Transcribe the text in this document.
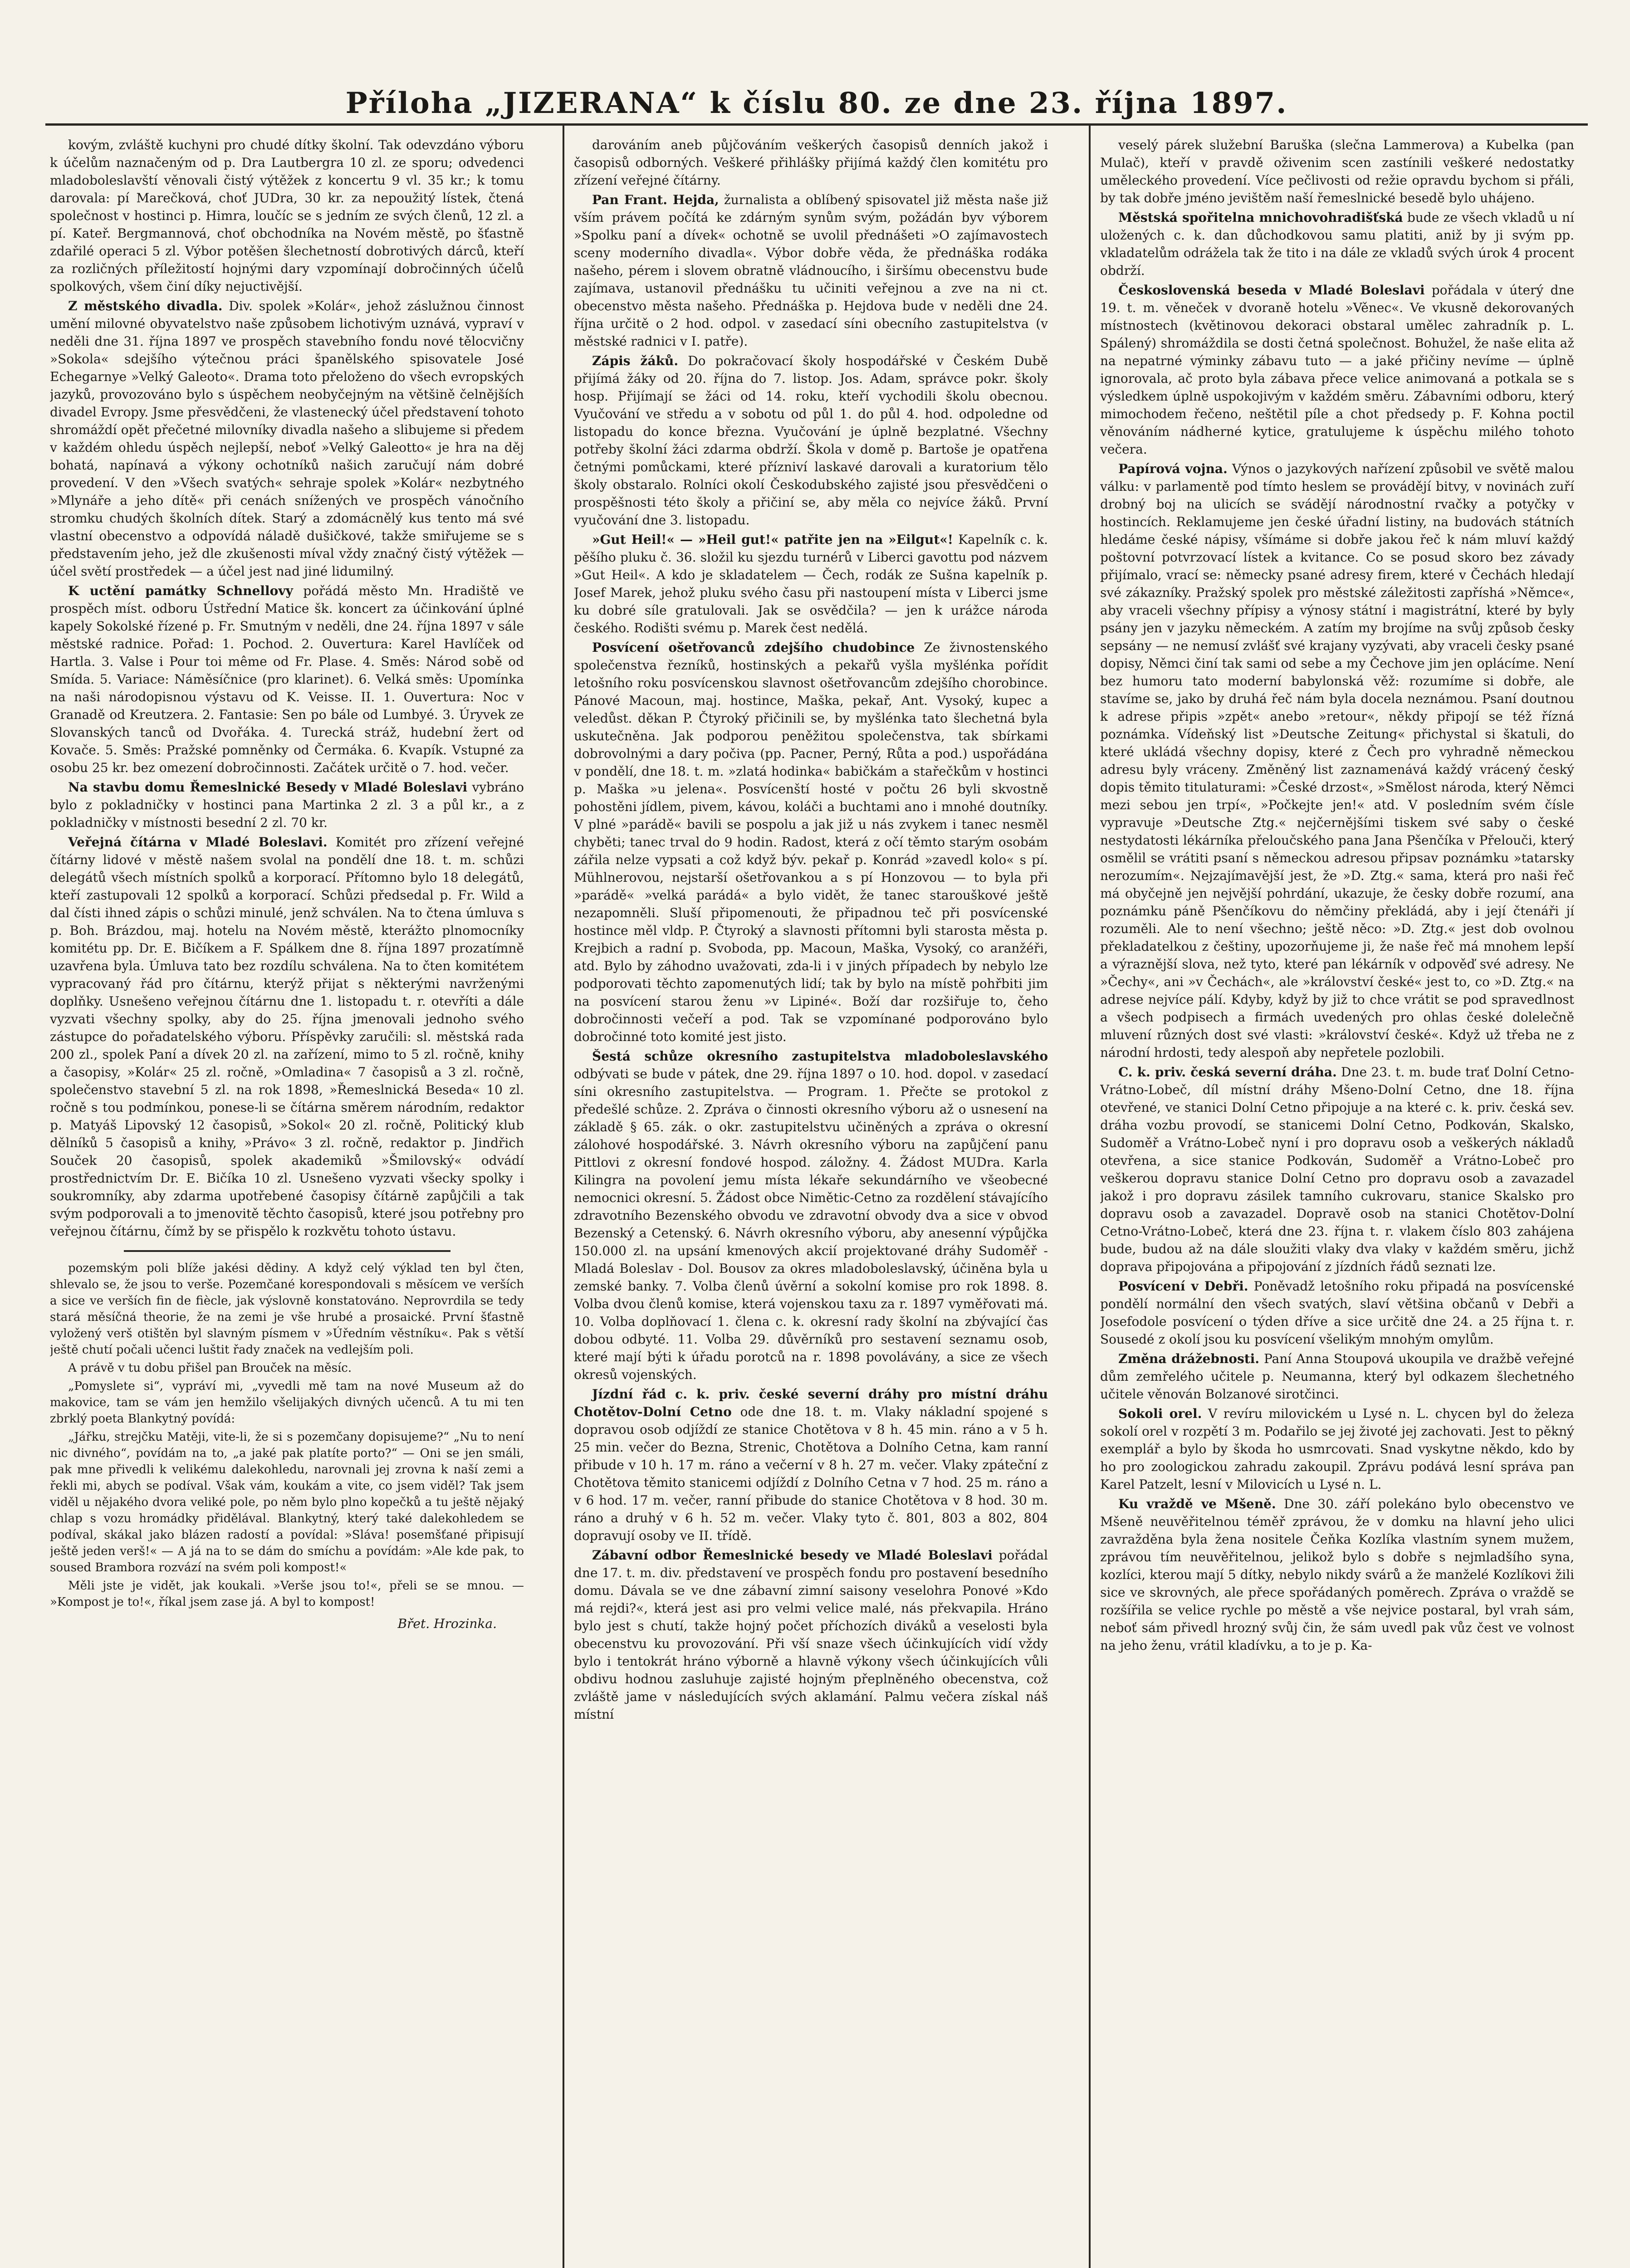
Příloha „JIZERANA“ k číslu 80. ze dne 23. října 1897.

kovým, zvláště kuchyni pro chudé dítky školní. Tak odevzdáno výboru k účelům naznačeným od p. Dra Lautbergra 10 zl. ze sporu; odvedenci mladoboleslavští věnovali čistý výtěžek z koncertu 9 vl. 35 kr.; k tomu darovala: pí Marečková, choť JUDra, 30 kr. za nepoužitý lístek, čtená společnost v hostinci p. Himra, loučíc se s jedním ze svých členů, 12 zl. a pí. Kateř. Bergmannová, choť obchodníka na Novém městě, po šťastně zdařilé operaci 5 zl. Výbor potěšen šlechetností dobrotivých dárců, kteří za rozličných příležitostí hojnými dary vzpomínají dobročinných účelů spolkových, všem činí díky nejuctivější.

Z městského divadla. Div. spolek »Kolár«, jehož záslužnou činnost umění milovné obyvatelstvo naše způsobem lichotivým uznává, vypraví v neděli dne 31. října 1897 ve prospěch stavebního fondu nové tělocvičny »Sokola« sdejšího výtečnou práci španělského spisovatele José Echegarnye »Velký Galeoto«. Drama toto přeloženo do všech evropských jazyků, provozováno bylo s úspěchem neobyčejným na většině čelnějších divadel Evropy. Jsme přesvědčeni, že vlastenecký účel představení tohoto shromáždí opět přečetné milovníky divadla našeho a slibujeme si předem v každém ohledu úspěch nejlepší, neboť »Velký Galeotto« je hra na děj bohatá, napínavá a výkony ochotníků našich zaručují nám dobré provedení. V den »Všech svatých« sehraje spolek »Kolár« nezbytného »Mlynáře a jeho dítě« při cenách snížených ve prospěch vánočního stromku chudých školních dítek. Starý a zdomácnělý kus tento má své vlastní obecenstvo a odpovídá náladě dušičkové, takže smiřujeme se s představením jeho, jež dle zkušenosti míval vždy značný čistý výtěžek — účel světí prostředek — a účel jest nad jiné lidumilný.

K uctění památky Schnellovy pořádá město Mn. Hradiště ve prospěch míst. odboru Ústřední Matice šk. koncert za účinkování úplné kapely Sokolské řízené p. Fr. Smutným v neděli, dne 24. října 1897 v sále městské radnice. Pořad: 1. Pochod. 2. Ouvertura: Karel Havlíček od Hartla. 3. Valse i Pour toi même od Fr. Plase. 4. Směs: Národ sobě od Smída. 5. Variace: Náměsíčnice (pro klarinet). 6. Velká směs: Upomínka na naši národopisnou výstavu od K. Veisse. II. 1. Ouvertura: Noc v Granadě od Kreutzera. 2. Fantasie: Sen po bále od Lumbyé. 3. Úryvek ze Slovanských tanců od Dvořáka. 4. Turecká stráž, hudební žert od Kovače. 5. Směs: Pražské pomněnky od Čermáka. 6. Kvapík. Vstupné za osobu 25 kr. bez omezení dobročinnosti. Začátek určitě o 7. hod. večer.

Na stavbu domu Řemeslnické Besedy v Mladé Boleslavi vybráno bylo z pokladničky v hostinci pana Martinka 2 zl. 3 a půl kr., a z pokladničky v místnosti besední 2 zl. 70 kr.

Veřejná čítárna v Mladé Boleslavi. Komitét pro zřízení veřejné čítárny lidové v městě našem svolal na pondělí dne 18. t. m. schůzi delegátů všech místních spolků a korporací. Přítomno bylo 18 delegátů, kteří zastupovali 12 spolků a korporací. Schůzi předsedal p. Fr. Wild a dal čísti ihned zápis o schůzi minulé, jenž schválen. Na to čtena úmluva s p. Boh. Brázdou, maj. hotelu na Novém městě, kterážto plnomocníky komitétu pp. Dr. E. Bičíkem a F. Spálkem dne 8. října 1897 prozatímně uzavřena byla. Úmluva tato bez rozdílu schválena. Na to čten komitétem vypracovaný řád pro čítárnu, kterýž přijat s některými navrženými doplňky. Usnešeno veřejnou čítárnu dne 1. listopadu t. r. otevříti a dále vyzvati všechny spolky, aby do 25. října jmenovali jednoho svého zástupce do pořadatelského výboru. Příspěvky zaručili: sl. městská rada 200 zl., spolek Paní a dívek 20 zl. na zařízení, mimo to 5 zl. ročně, knihy a časopisy, »Kolár« 25 zl. ročně, »Omladina« 7 časopisů a 3 zl. ročně, společenstvo stavební 5 zl. na rok 1898, »Řemeslnická Beseda« 10 zl. ročně s tou podmínkou, ponese-li se čítárna směrem národním, redaktor p. Matyáš Lipovský 12 časopisů, »Sokol« 20 zl. ročně, Politický klub dělníků 5 časopisů a knihy, »Právo« 3 zl. ročně, redaktor p. Jindřich Souček 20 časopisů, spolek akademiků »Šmilovský« odvádí prostřednictvím Dr. E. Bičíka 10 zl. Usnešeno vyzvati všecky spolky i soukromníky, aby zdarma upotřebené časopisy čítárně zapůjčili a tak svým podporovali a to jmenovitě těchto časopisů, které jsou potřebny pro veřejnou čítárnu, čímž by se přispělo k rozkvětu tohoto ústavu.

pozemským poli blíže jakési dědiny. A když celý výklad ten byl čten, shlevalo se, že jsou to verše. Pozemčané korespondovali s měsícem ve verších a sice ve verších fin de fiècle, jak výslovně konstatováno. Neprovrdila se tedy stará měsíčná theorie, že na zemi je vše hrubé a prosaické. První šťastně vyložený verš otištěn byl slavným písmem v »Úředním věstníku«. Pak s větší ještě chutí počali učenci luštit řady značek na vedlejším poli.

A právě v tu dobu přišel pan Brouček na měsíc.

„Pomyslete si“, vypráví mi, „vyvedli mě tam na nové Museum až do makovice, tam se vám jen hemžilo všelijakých divných učenců. A tu mi ten zbrklý poeta Blankytný povídá:

„Jářku, strejčku Matěji, vite-li, že si s pozemčany dopisujeme?“ „Nu to není nic divného“, povídám na to, „a jaké pak platíte porto?“ — Oni se jen smáli, pak mne přivedli k velikému dalekohledu, narovnali jej zrovna k naší zemi a řekli mi, abych se podíval. Však vám, koukám a vite, co jsem viděl? Tak jsem viděl u nějakého dvora veliké pole, po něm bylo plno kopečků a tu ještě nějaký chlap s vozu hromádky přidělával. Blankytný, který také dalekohledem se podíval, skákal jako blázen radostí a povídal: »Sláva! posemšťané připisují ještě jeden verš!« — A já na to se dám do smíchu a povídám: »Ale kde pak, to soused Brambora rozvází na svém poli kompost!«

Měli jste je vidět, jak koukali. »Verše jsou to!«, přeli se se mnou. — »Kompost je to!«, říkal jsem zase já. A byl to kompost!

Břet. Hrozinka.

darováním aneb půjčováním veškerých časopisů denních jakož i časopisů odborných. Veškeré přihlášky přijímá každý člen komitétu pro zřízení veřejné čítárny.

Pan Frant. Hejda, žurnalista a oblíbený spisovatel již města naše již vším právem počítá ke zdárným synům svým, požádán byv výborem »Spolku paní a dívek« ochotně se uvolil přednášeti »O zajímavostech sceny moderního divadla«. Výbor dobře věda, že přednáška rodáka našeho, pérem i slovem obratně vládnoucího, i širšímu obecenstvu bude zajímava, ustanovil přednášku tu učiniti veřejnou a zve na ni ct. obecenstvo města našeho. Přednáška p. Hejdova bude v neděli dne 24. října určitě o 2 hod. odpol. v zasedací síni obecního zastupitelstva (v městské radnici v I. patře).

Zápis žáků. Do pokračovací školy hospodářské v Českém Dubě přijímá žáky od 20. října do 7. listop. Jos. Adam, správce pokr. školy hosp. Přijímají se žáci od 14. roku, kteří vychodili školu obecnou. Vyučování ve středu a v sobotu od půl 1. do půl 4. hod. odpoledne od listopadu do konce března. Vyučování je úplně bezplatné. Všechny potřeby školní žáci zdarma obdrží. Škola v domě p. Bartoše je opatřena četnými pomůckami, které přízniví laskavé darovali a kuratorium tělo školy obstaralo. Rolníci okolí Českodubského zajisté jsou přesvědčeni o prospěšnosti této školy a přičiní se, aby měla co nejvíce žáků. První vyučování dne 3. listopadu.

»Gut Heil!« — »Heil gut!« patřite jen na »Eilgut«! Kapelník c. k. pěšího pluku č. 36. složil ku sjezdu turnérů v Liberci gavottu pod názvem »Gut Heil«. A kdo je skladatelem — Čech, rodák ze Sušna kapelník p. Josef Marek, jehož pluku svého času při nastoupení místa v Liberci jsme ku dobré síle gratulovali. Jak se osvědčila? — jen k urážce národa českého. Rodišti svému p. Marek čest nedělá.

Posvícení ošetřovanců zdejšího chudobince Ze živnostenského společenstva řezníků, hostinských a pekařů vyšla myšlénka pořídit letošního roku posvícenskou slavnost ošetřovancům zdejšího chorobince. Pánové Macoun, maj. hostince, Maška, pekař, Ant. Vysoký, kupec a veledůst. děkan P. Čtyroký přičinili se, by myšlénka tato šlechetná byla uskutečněna. Jak podporou peněžitou společenstva, tak sbírkami dobrovolnými a dary počiva (pp. Pacner, Perný, Růta a pod.) uspořádána v pondělí, dne 18. t. m. »zlatá hodinka« babičkám a stařečkům v hostinci p. Maška »u jelena«. Posvícenští hosté v počtu 26 byli skvostně pohostěni jídlem, pivem, kávou, koláči a buchtami ano i mnohé doutníky. V plné »parádě« bavili se pospolu a jak již u nás zvykem i tanec nesměl chyběti; tanec trval do 9 hodin. Radost, která z očí těmto starým osobám zářila nelze vypsati a což když býv. pekař p. Konrád »zavedl kolo« s pí. Mühlnerovou, nejstarší ošetřovankou a s pí Honzovou — to byla při »parádě« »velká parádá« a bylo vidět, že tanec starouškové ještě nezapomněli. Sluší připomenouti, že připadnou teč při posvícenské hostince měl vldp. P. Čtyroký a slavnosti přítomni byli starosta města p. Krejbich a radní p. Svoboda, pp. Macoun, Maška, Vysoký, co aranžéři, atd. Bylo by záhodno uvažovati, zda-li i v jiných případech by nebylo lze podporovati těchto zapomenutých lidí; tak by bylo na místě pohřbiti jim na posvícení starou ženu »v Lipiné«. Boží dar rozšiřuje to, čeho dobročinnosti večeří a pod. Tak se vzpomínané podporováno bylo dobročinné toto komité jest jisto.

Šestá schůze okresního zastupitelstva mladoboleslavského odbývati se bude v pátek, dne 29. října 1897 o 10. hod. dopol. v zasedací síni okresního zastupitelstva. — Program. 1. Přečte se protokol z předešlé schůze. 2. Zpráva o činnosti okresního výboru až o usnesení na základě § 65. zák. o okr. zastupitelstvu učiněných a zpráva o okresní zálohové hospodářské. 3. Návrh okresního výboru na zapůjčení panu Pittlovi z okresní fondové hospod. záložny. 4. Žádost MUDra. Karla Kilingra na povolení jemu místa lékaře sekundárního ve všeobecné nemocnici okresní. 5. Žádost obce Nimětic-Cetno za rozdělení stávajícího zdravotního Bezenského obvodu ve zdravotní obvody dva a sice v obvod Bezenský a Cetenský. 6. Návrh okresního výboru, aby anesenní výpůjčka 150.000 zl. na upsání kmenových akcií projektované dráhy Sudoměř - Mladá Boleslav - Dol. Bousov za okres mladoboleslavský, účiněna byla u zemské banky. 7. Volba členů úvěrní a sokolní komise pro rok 1898. 8. Volba dvou členů komise, která vojenskou taxu za r. 1897 vyměřovati má. 10. Volba doplňovací 1. člena c. k. okresní rady školní na zbývající čas dobou odbyté. 11. Volba 29. důvěrníků pro sestavení seznamu osob, které mají býti k úřadu porotců na r. 1898 povolávány, a sice ze všech okresů vojenských.

Jízdní řád c. k. priv. české severní dráhy pro místní dráhu Chotětov-Dolní Cetno ode dne 18. t. m. Vlaky nákladní spojené s dopravou osob odjíždí ze stanice Chotětova v 8 h. 45 min. ráno a v 5 h. 25 min. večer do Bezna, Strenic, Chotětova a Dolního Cetna, kam ranní přibude v 10 h. 17 m. ráno a večerní v 8 h. 27 m. večer. Vlaky zpáteční z Chotětova těmito stanicemi odjíždí z Dolního Cetna v 7 hod. 25 m. ráno a v 6 hod. 17 m. večer, ranní přibude do stanice Chotětova v 8 hod. 30 m. ráno a druhý v 6 h. 52 m. večer. Vlaky tyto č. 801, 803 a 802, 804 dopravují osoby ve II. třídě.

Zábavní odbor Řemeslnické besedy ve Mladé Boleslavi pořádal dne 17. t. m. div. představení ve prospěch fondu pro postavení besedního domu. Dávala se ve dne zábavní zimní saisony veselohra Ponové »Kdo má rejdi?«, která jest asi pro velmi velice malé, nás překvapila. Hráno bylo jest s chutí, takže hojný počet příchozích diváků a veselosti byla obecenstvu ku provozování. Při vší snaze všech účinkujících vidí vždy bylo i tentokrát hráno výborně a hlavně výkony všech účinkujících vůli obdivu hodnou zasluhuje zajisté hojným přeplněného obecenstva, což zvláště jame v následujících svých aklamání. Palmu večera získal náš místní

veselý párek služební Baruška (slečna Lammerova) a Kubelka (pan Mulač), kteří v pravdě oživenim scen zastínili veškeré nedostatky uměleckého provedení. Více pečlivosti od režie opravdu bychom si přáli, by tak dobře jméno jevištěm naší řemeslnické besedě bylo uhájeno.

Městská spořitelna mnichovohradišťská bude ze všech vkladů u ní uložených c. k. dan důchodkovou samu platiti, aniž by ji svým pp. vkladatelům odrážela tak že tito i na dále ze vkladů svých úrok 4 procent obdrží.

Československá beseda v Mladé Boleslavi pořádala v úterý dne 19. t. m. věneček v dvoraně hotelu »Věnec«. Ve vkusně dekorovaných místnostech (květinovou dekoraci obstaral umělec zahradník p. L. Spálený) shromáždila se dosti četná společnost. Bohužel, že naše elita až na nepatrné výminky zábavu tuto — a jaké přičiny nevíme — úplně ignorovala, ač proto byla zábava přece velice animovaná a potkala se s výsledkem úplně uspokojivým v každém směru. Zábavními odboru, který mimochodem řečeno, neštětil píle a chot předsedy p. F. Kohna poctil věnováním nádherné kytice, gratulujeme k úspěchu milého tohoto večera.

Papírová vojna. Výnos o jazykových nařízení způsobil ve světě malou válku: v parlamentě pod tímto heslem se provádějí bitvy, v novinách zuří drobný boj na ulicích se svádějí národnostní rvačky a potyčky v hostincích. Reklamujeme jen české úřadní listiny, na budovách státních hledáme české nápisy, všímáme si dobře jakou řeč k nám mluví každý poštovní potvrzovací lístek a kvitance. Co se posud skoro bez závady přijímalo, vrací se: německy psané adresy firem, které v Čechách hledají své zákazníky. Pražský spolek pro městské záležitosti zapříshá »Němce«, aby vraceli všechny přípisy a výnosy státní i magistrátní, které by byly psány jen v jazyku německém. A zatím my brojíme na svůj způsob česky sepsány — ne nemusí zvlášť své krajany vyzývati, aby vraceli česky psané dopisy, Němci činí tak sami od sebe a my Čechove jim jen oplácíme. Není bez humoru tato moderní babylonská věž: rozumíme si dobře, ale stavíme se, jako by druhá řeč nám byla docela neznámou. Psaní doutnou k adrese připis »zpět« anebo »retour«, někdy připojí se též řízná poznámka. Vídeňský list »Deutsche Zeitung« přichystal si škatuli, do které ukládá všechny dopisy, které z Čech pro vyhradně německou adresu byly vráceny. Změněný list zaznamenává každý vrácený český dopis těmito titulaturami: »České drzost«, »Smělost národa, který Němci mezi sebou jen trpí«, »Počkejte jen!« atd. V posledním svém čísle vypravuje »Deutsche Ztg.« nejčernějšími tiskem své saby o české nestydatosti lékárníka přeloučského pana Jana Pšenčíka v Přelouči, který osmělil se vrátiti psaní s německou adresou připsav poznámku »tatarsky nerozumím«. Nejzajímavější jest, že »D. Ztg.« sama, která pro naši řeč má obyčejně jen nejvější pohrdání, ukazuje, že česky dobře rozumí, ana poznámku páně Pšenčíkovu do němčiny překládá, aby i její čtenáři jí rozuměli. Ale to není všechno; ještě něco: »D. Ztg.« jest dob ovolnou překladatelkou z češtiny, upozorňujeme ji, že naše řeč má mnohem lepší a výraznější slova, než tyto, které pan lékárník v odpověď své adresy. Ne »Čechy«, ani »v Čechách«, ale »království české« jest to, co »D. Ztg.« na adrese nejvíce pálí. Kdyby, když by již to chce vrátit se pod spravedlnost a všech podpisech a firmách uvedených pro ohlas české dolelečně mluvení různých dost své vlasti: »království české«. Když už třeba ne z národní hrdosti, tedy alespoň aby nepřetele pozlobili.

C. k. priv. česká severní dráha. Dne 23. t. m. bude trať Dolní Cetno-Vrátno-Lobeč, díl místní dráhy Mšeno-Dolní Cetno, dne 18. října otevřené, ve stanici Dolní Cetno připojuje a na které c. k. priv. česká sev. dráha vozbu provodí, se stanicemi Dolní Cetno, Podkován, Skalsko, Sudoměř a Vrátno-Lobeč nyní i pro dopravu osob a veškerých nákladů otevřena, a sice stanice Podkován, Sudoměř a Vrátno-Lobeč pro veškerou dopravu stanice Dolní Cetno pro dopravu osob a zavazadel jakož i pro dopravu zásilek tamního cukrovaru, stanice Skalsko pro dopravu osob a zavazadel. Dopravě osob na stanici Chotětov-Dolní Cetno-Vrátno-Lobeč, která dne 23. října t. r. vlakem číslo 803 zahájena bude, budou až na dále sloužiti vlaky dva vlaky v každém směru, jichž doprava připojována a připojování z jízdních řádů seznati lze.

Posvícení v Debři. Poněvadž letošního roku připadá na posvícenské pondělí normální den všech svatých, slaví většina občanů v Debři a Josefodole posvícení o týden dříve a sice určitě dne 24. a 25 října t. r. Sousedé z okolí jsou ku posvícení všelikým mnohým omylům.

Změna drážebnosti. Paní Anna Stoupová ukoupila ve dražbě veřejné dům zemřelého učitele p. Neumanna, který byl odkazem šlechetného učitele věnován Bolzanové sirotčinci.

Sokoli orel. V revíru milovickém u Lysé n. L. chycen byl do železa sokolí orel v rozpětí 3 m. Podařilo se jej životé jej zachovati. Jest to pěkný exemplář a bylo by škoda ho usmrcovati. Snad vyskytne někdo, kdo by ho pro zoologickou zahradu zakoupil. Zprávu podává lesní správa pan Karel Patzelt, lesní v Milovicích u Lysé n. L.

Ku vraždě ve Mšeně. Dne 30. září polekáno bylo obecenstvo ve Mšeně neuvěřitelnou téměř zprávou, že v domku na hlavní jeho ulici zavražděna byla žena nositele Čeňka Kozlíka vlastním synem mužem, zprávou tím neuvěřitelnou, jelikož bylo s dobře s nejmladšího syna, kozlíci, kterou mají 5 dítky, nebylo nikdy svárů a že manželé Kozlíkovi žili sice ve skrovných, ale přece spořádaných poměrech. Zpráva o vraždě se rozšířila se velice rychle po městě a vše nejvice postaral, byl vrah sám, neboť sám přivedl hrozný svůj čin, že sám uvedl pak vůz čest ve volnost na jeho ženu, vrátil kladívku, a to je p. Ka-
